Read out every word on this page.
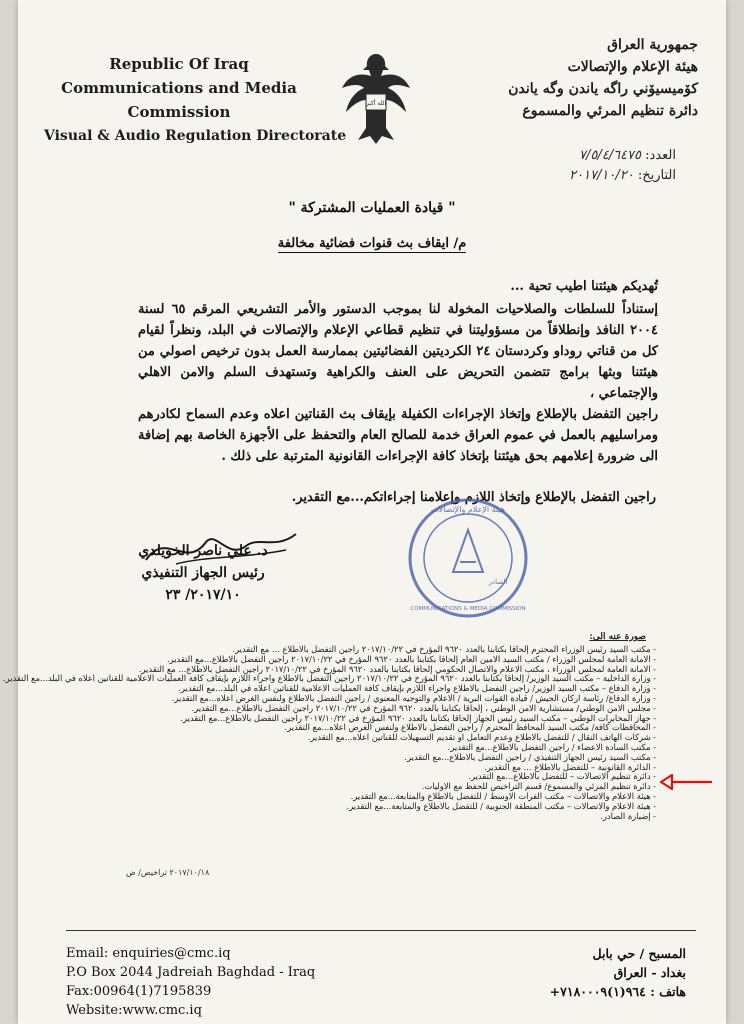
Republic Of Iraq
Communications and Media
Commission
Visual & Audio Regulation Directorate
الله أكبر
جمهورية العراق
هيئة الإعلام والإتصالات
كۆميسيۆني راگه ياندن وگه ياندن
دائرة تنظيم المرئي والمسموع
العدد: ٧/٥/٤/٦٤٧٥
التاريخ: ٢٠١٧/١٠/٢٠
" قيادة العمليات المشتركة "
م/ ايقاف بث قنوات فضائية مخالفة

تُهديكم هيئتنا اطيب تحية ...

إستناداً للسلطات والصلاحيات المخولة لنا بموجب الدستور والأمر التشريعي المرقم ٦٥ لسنة ٢٠٠٤ النافذ وإنطلاقاً من مسؤوليتنا في تنظيم قطاعي الإعلام والإتصالات في البلد، ونظراً لقيام كل من قناتي روداو وكردستان ٢٤ الكرديتين الفضائيتين بممارسة العمل بدون ترخيص اصولي من هيئتنا وبثها برامج تتضمن التحريض على العنف والكراهية وتستهدف السلم والامن الاهلي والإجتماعي ،

راجين التفضل بالإطلاع وإتخاذ الإجراءات الكفيلة بإيقاف بث القناتين اعلاه وعدم السماح لكادرهم ومراسليهم بالعمل في عموم العراق خدمة للصالح العام والتحفظ على الأجهزة الخاصة بهم إضافة الى ضرورة إعلامهم بحق هيئتنا بإتخاذ كافة الإجراءات القانونية المترتبة على ذلك .

راجين التفضل بالإطلاع وإتخاذ اللازم وإعلامنا إجراءاتكم...مع التقدير.
هيئة الإعلام والإتصالات
COMMUNICATIONS & MEDIA COMMISSION
الصادر
د. علي ناصر الخويلدي
رئيس الجهاز التنفيذي
٢٠١٧/١٠/ ٢٣
صورة عنه الى:
- مكتب السيد رئيس الوزراء المحترم إلحاقا بكتابنا بالعدد ٩٦٢٠ المؤرخ في ٢٠١٧/١٠/٢٢ راجين التفضل بالاطلاع ... مع التقدير.
- الامانة العامة لمجلس الوزراء / مكتب السيد الامين العام إلحاقا بكتابنا بالعدد ٩٦٢٠ المؤرخ في ٢٠١٧/١٠/٢٢ راجين التفضل بالاطلاع...مع التقدير.
- الامانة العامة لمجلس الوزراء ، مكتب الاعلام والاتصال الحكومي إلحاقا بكتابنا بالعدد ٩٦٢٠ المؤرخ في ٢٠١٧/١٠/٢٢ راجين التفضل بالاطلاع... مع التقدير.
- وزارة الداخلية – مكتب السيد الوزير/ إلحاقا بكتابنا بالعدد ٩٦٢٠ المؤرخ في ٢٠١٧/١٠/٢٢ راجين التفضل بالاطلاع واجراء اللازم بإيقاف كافة العمليات الاعلامية للقناتين اعلاه في البلد...مع التقدير.
- وزارة الدفاع – مكتب السيد الوزير/ راجين التفضل بالاطلاع واجراء اللازم بإيقاف كافة العمليات الاعلامية للقناتين اعلاه في البلد...مع التقدير.
- وزارة الدفاع/ رئاسة اركان الجيش / قيادة القوات البرية / الاعلام والتوجيه المعنوي / راجين التفضل بالاطلاع ولنفس الغرض اعلاه...مع التقدير.
- مجلس الامن الوطني/ مستشارية الامن الوطني ، إلحاقا بكتابنا بالعدد ٩٦٢٠ المؤرخ في ٢٠١٧/١٠/٢٢ راجين التفضل بالاطلاع...مع التقدير.
- جهاز المخابرات الوطني – مكتب السيد رئيس الجهاز إلحاقا بكتابنا بالعدد ٩٦٢٠ المؤرخ في ٢٠١٧/١٠/٢٢ راجين التفضل بالاطلاع...مع التقدير.
- المحافظات كافة/ مكتب السيد المحافظ المحترم / راجين التفضل بالاطلاع ولنفس الغرض اعلاه...مع التقدير.
- شركات الهاتف النقال / للتفضل بالاطلاع وعدم التعامل او تقديم التسهيلات للقناتين اعلاه...مع التقدير.
- مكتب السادة الاعضاء / راجين التفضل بالاطلاع...مع التقدير.
- مكتب السيد رئيس الجهاز التنفيذي / راجين التفضل بالاطلاع...مع التقدير.
- الدائرة القانونية – للتفضل بالاطلاع ... مع التقدير.
- دائرة تنظيم الاتصالات – للتفضل بالاطلاع...مع التقدير.
- دائرة تنظيم المرئي والمسموع/ قسم التراخيص للحفظ مع الاوليات.
- هيئة الاعلام والاتصالات – مكتب الفرات الاوسط / للتفضل بالاطلاع والمتابعة...مع التقدير.
- هيئة الاعلام والاتصالات – مكتب المنطقة الجنوبية / للتفضل بالاطلاع والمتابعة...مع التقدير.
- إضبارة الصادر.
٢٠١٧/١٠/١٨ تراخيص/ ض
Email: enquiries@cmc.iq
P.O Box 2044 Jadreiah Baghdad - Iraq
Fax:00964(1)7195839
Website:www.cmc.iq
المسبح / حي بابل
بغداد - العراق
هاتف : ٩٦٤(١)٧١٨٠٠٠٩+
